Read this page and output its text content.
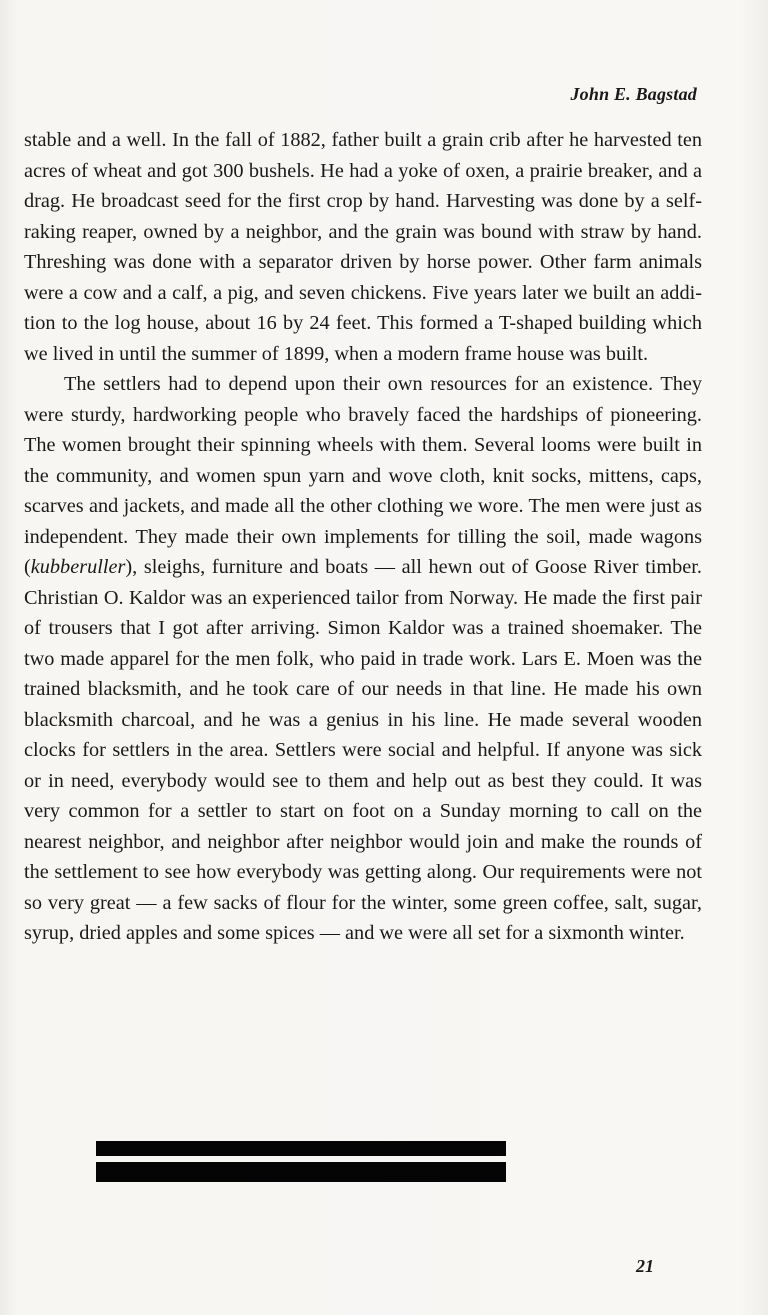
John E. Bagstad

stable and a well. In the fall of 1882, father built a grain crib after he harvested ten acres of wheat and got 300 bushels. He had a yoke of oxen, a prairie breaker, and a drag. He broadcast seed for the first crop by hand. Harvesting was done by a self-raking reaper, owned by a neighbor, and the grain was bound with straw by hand. Threshing was done with a separator driven by horse power. Other farm animals were a cow and a calf, a pig, and seven chickens. Five years later we built an addition to the log house, about 16 by 24 feet. This formed a T-shaped building which we lived in until the summer of 1899, when a modern frame house was built.

The settlers had to depend upon their own resources for an existence. They were sturdy, hardworking people who bravely faced the hardships of pioneering. The women brought their spinning wheels with them. Several looms were built in the community, and women spun yarn and wove cloth, knit socks, mittens, caps, scarves and jackets, and made all the other clothing we wore. The men were just as independent. They made their own implements for tilling the soil, made wagons (kubberuller), sleighs, furniture and boats — all hewn out of Goose River timber. Christian O. Kaldor was an experienced tailor from Norway. He made the first pair of trousers that I got after arriving. Simon Kaldor was a trained shoemaker. The two made apparel for the men folk, who paid in trade work. Lars E. Moen was the trained blacksmith, and he took care of our needs in that line. He made his own blacksmith charcoal, and he was a genius in his line. He made several wooden clocks for settlers in the area. Settlers were social and helpful. If anyone was sick or in need, everybody would see to them and help out as best they could. It was very common for a settler to start on foot on a Sunday morning to call on the nearest neighbor, and neighbor after neighbor would join and make the rounds of the settlement to see how everybody was getting along. Our requirements were not so very great — a few sacks of flour for the winter, some green coffee, salt, sugar, syrup, dried apples and some spices — and we were all set for a sixmonth winter.

21
